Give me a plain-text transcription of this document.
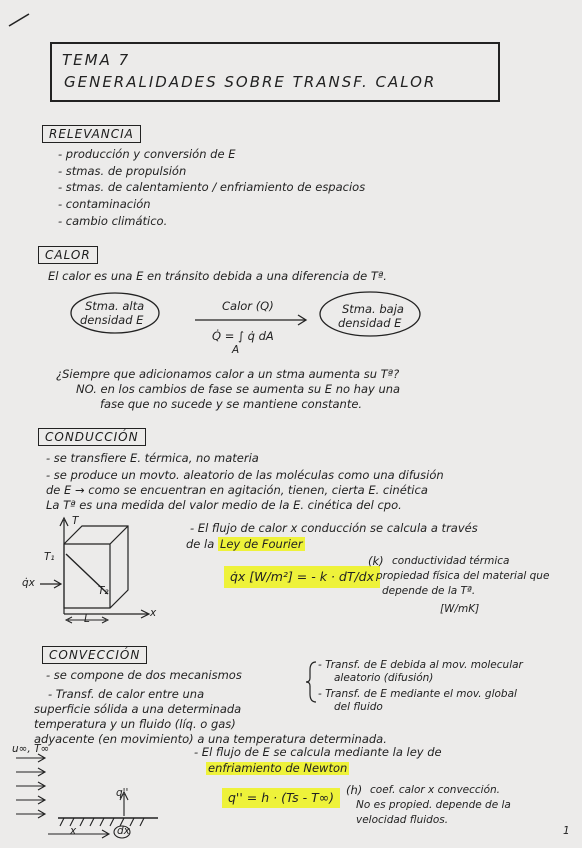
TEMA 7
GENERALIDADES SOBRE TRANSF. CALOR
RELEVANCIA
- producción y conversión de E
- stmas. de propulsión
- stmas. de calentamiento / enfriamiento de espacios
- contaminación
- cambio climático.
CALOR
El calor es una E en tránsito debida a una diferencia de Tª.
Stma. alta
densidad E
Calor (Q)
Q̇ = ∫ q̇ dA
A
Stma. baja
densidad E
¿Siempre que adicionamos calor a un stma aumenta su Tª?
NO. en los cambios de fase se aumenta su E no hay una
fase que no sucede y se mantiene constante.
CONDUCCIÓN
- se transfiere E. térmica, no materia
- se produce un movto. aleatorio de las moléculas como una difusión
de E → como se encuentran en agitación, tienen, cierta E. cinética
La Tª es una medida del valor medio de la E. cinética del cpo.
T
T₁
T₂
q̇x
x
L
- El flujo de calor x conducción se calcula a través
de la Ley de Fourier
q̇x [W/m²] = - k · dT/dx
(k) conductividad térmica
propiedad física del material que
depende de la Tª.
[W/mK]
CONVECCIÓN
- se compone de dos mecanismos
- Transf. de E debida al mov. molecular
aleatorio (difusión)
- Transf. de E mediante el mov. global
del fluido
- Transf. de calor entre una
superficie sólida a una determinada
temperatura y un fluido (líq. o gas)
adyacente (en movimiento) a una temperatura determinada.
u∞, T∞
q''
x	dx
- El flujo de E se calcula mediante la ley de
enfriamiento de Newton
q'' = h · (Ts - T∞)	(h) coef. calor x convección.
No es propied. depende de la
velocidad fluidos.
1
